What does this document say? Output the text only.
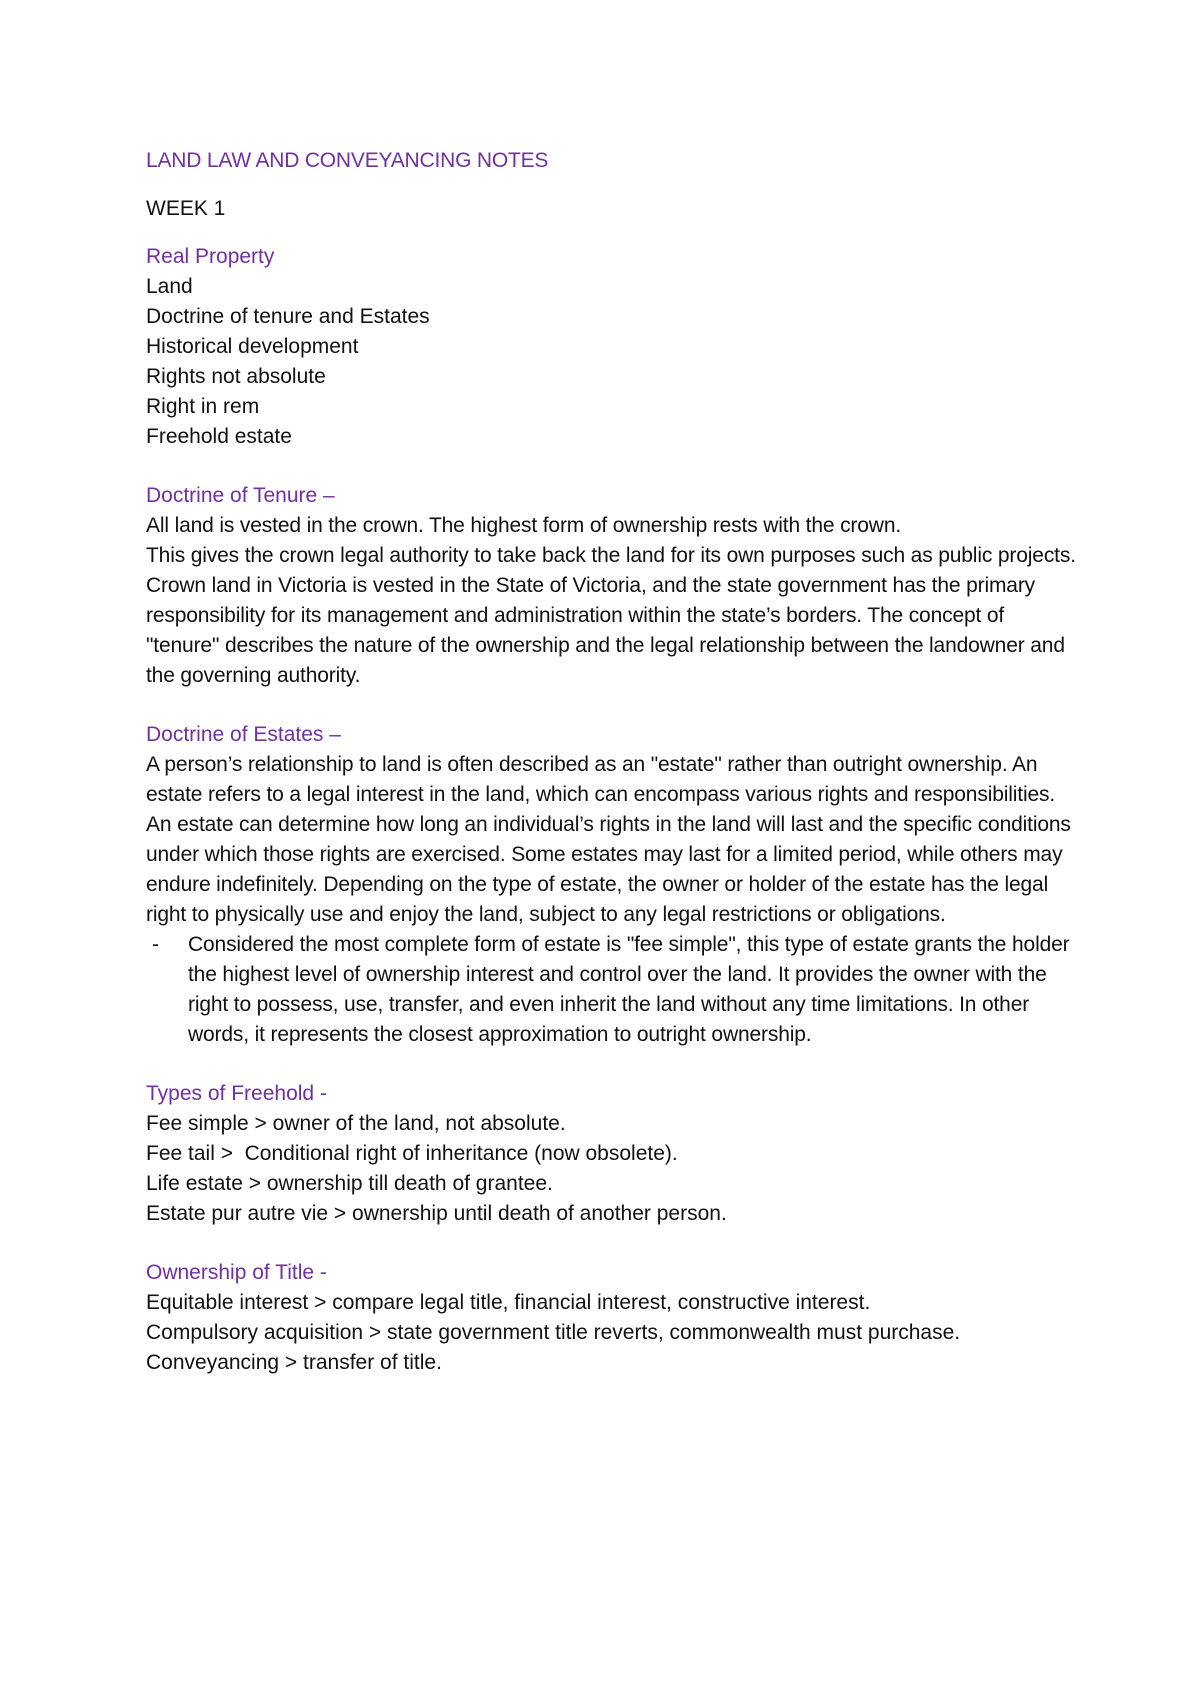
LAND LAW AND CONVEYANCING NOTES
WEEK 1
Real Property
Land
Doctrine of tenure and Estates
Historical development
Rights not absolute
Right in rem
Freehold estate
Doctrine of Tenure –
All land is vested in the crown. The highest form of ownership rests with the crown.
This gives the crown legal authority to take back the land for its own purposes such as public projects. Crown land in Victoria is vested in the State of Victoria, and the state government has the primary responsibility for its management and administration within the state’s borders. The concept of "tenure" describes the nature of the ownership and the legal relationship between the landowner and the governing authority.
Doctrine of Estates –
A person’s relationship to land is often described as an "estate" rather than outright ownership. An estate refers to a legal interest in the land, which can encompass various rights and responsibilities. An estate can determine how long an individual’s rights in the land will last and the specific conditions under which those rights are exercised. Some estates may last for a limited period, while others may endure indefinitely. Depending on the type of estate, the owner or holder of the estate has the legal right to physically use and enjoy the land, subject to any legal restrictions or obligations.
-	Considered the most complete form of estate is "fee simple", this type of estate grants the holder the highest level of ownership interest and control over the land. It provides the owner with the right to possess, use, transfer, and even inherit the land without any time limitations. In other words, it represents the closest approximation to outright ownership.
Types of Freehold -
Fee simple > owner of the land, not absolute.
Fee tail >  Conditional right of inheritance (now obsolete).
Life estate > ownership till death of grantee.
Estate pur autre vie > ownership until death of another person.
Ownership of Title -
Equitable interest > compare legal title, financial interest, constructive interest.
Compulsory acquisition > state government title reverts, commonwealth must purchase.
Conveyancing > transfer of title.
